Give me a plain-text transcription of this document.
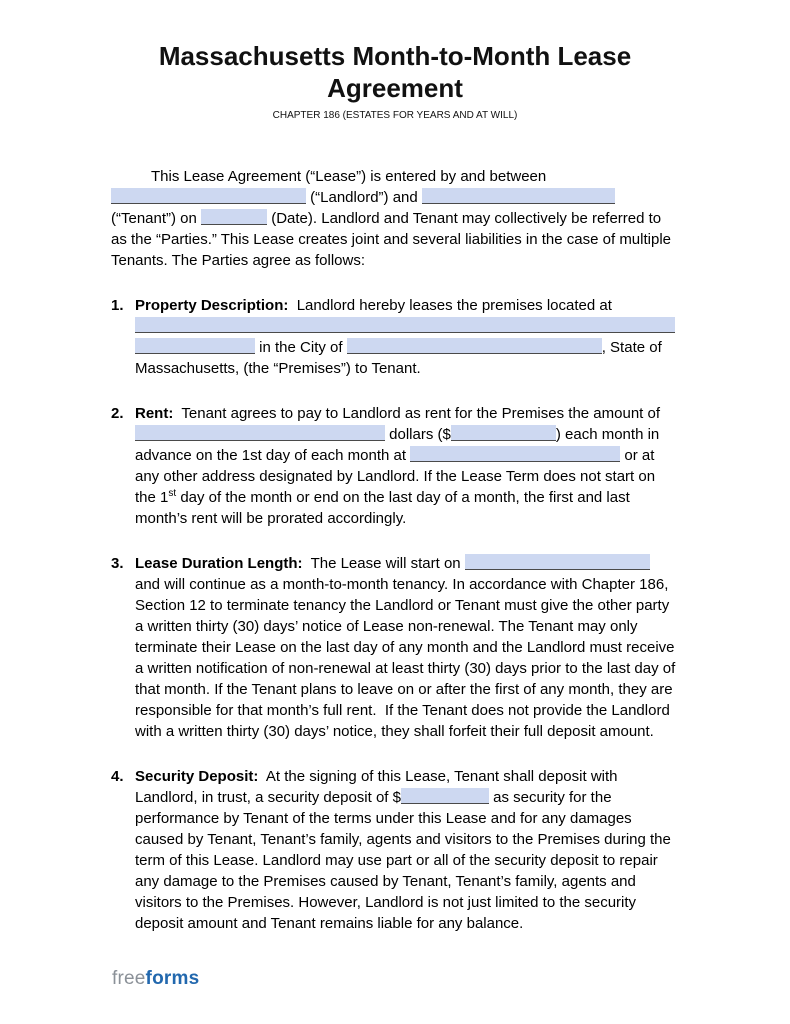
Massachusetts Month-to-Month Lease Agreement
CHAPTER 186 (ESTATES FOR YEARS AND AT WILL)

This Lease Agreement (“Lease”) is entered by and between  (“Landlord”) and  (“Tenant”) on	(Date). Landlord and Tenant may collectively be referred to as the “Parties.” This Lease creates joint and several liabilities in the case of multiple Tenants. The Parties agree as follows:

1. Property Description:  Landlord hereby leases the premises located at  in the City of	, State of Massachusetts, (the “Premises”) to Tenant.
2. Rent:  Tenant agrees to pay to Landlord as rent for the Premises the amount of  dollars ($	) each month in advance on the 1st day of each month at	or at any other address designated by Landlord. If the Lease Term does not start on the 1st day of the month or end on the last day of a month, the first and last month’s rent will be prorated accordingly.
3. Lease Duration Length:  The Lease will start on  and will continue as a month-to-month tenancy. In accordance with Chapter 186, Section 12 to terminate tenancy the Landlord or Tenant must give the other party a written thirty (30) days’ notice of Lease non-renewal. The Tenant may only terminate their Lease on the last day of any month and the Landlord must receive a written notification of non-renewal at least thirty (30) days prior to the last day of that month. If the Tenant plans to leave on or after the first of any month, they are responsible for that month’s full rent.  If the Tenant does not provide the Landlord with a written thirty (30) days’ notice, they shall forfeit their full deposit amount.
4. Security Deposit:  At the signing of this Lease, Tenant shall deposit with Landlord, in trust, a security deposit of $	as security for the performance by Tenant of the terms under this Lease and for any damages caused by Tenant, Tenant’s family, agents and visitors to the Premises during the term of this Lease. Landlord may use part or all of the security deposit to repair any damage to the Premises caused by Tenant, Tenant’s family, agents and visitors to the Premises. However, Landlord is not just limited to the security deposit amount and Tenant remains liable for any balance.
freeforms
